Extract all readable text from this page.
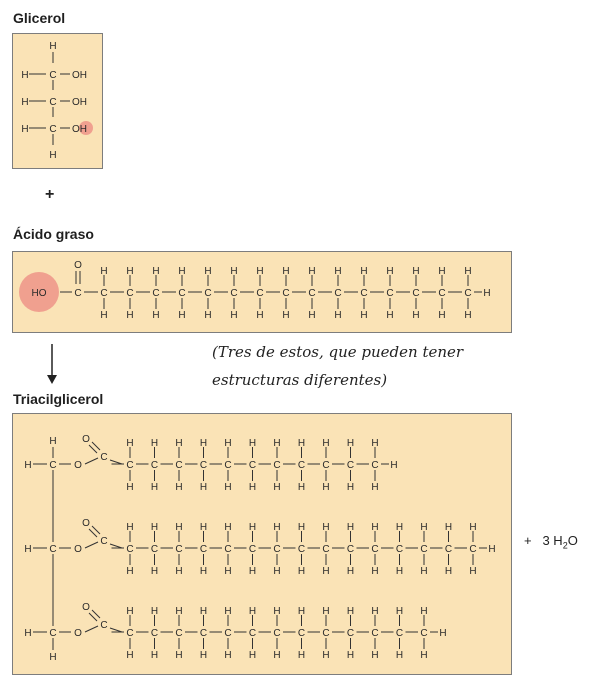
Glicerol
+
Ácido graso
Triacilglicerol
H
H
H C OH
H C OH
H C OH
HO	C
O
C
H
H
C
H
H
C
H
H
C
H
H
C
H
H
C
H
H
C
H
H
C
H
H
C
H
H
C
H
H
C
H
H
C
H
H
C
H
H
C
H
H
C
H
H
H
(Tres de estos, que pueden tener
estructuras diferentes)
H
H
H C O
C
O
H C O
C
O
H C O
C
O
C
H
H
C
H
H
C
H
H
C
H
H
C
H
H
C
H
H
C
H
H
C
H
H
C
H
H
C
H
H
C
H
H
H
C
H
H
C
H
H
C
H
H
C
H
H
C
H
H
C
H
H
C
H
H
C
H
H
C
H
H
C
H
H
C
H
H
C
H
H
C
H
H
C
H
H
C
H
H
H
C
H
H
C
H
H
C
H
H
C
H
H
C
H
H
C
H
H
C
H
H
C
H
H
C
H
H
C
H
H
C
H
H
C
H
H
C
H
H
H
+ 3 $H_2O$
